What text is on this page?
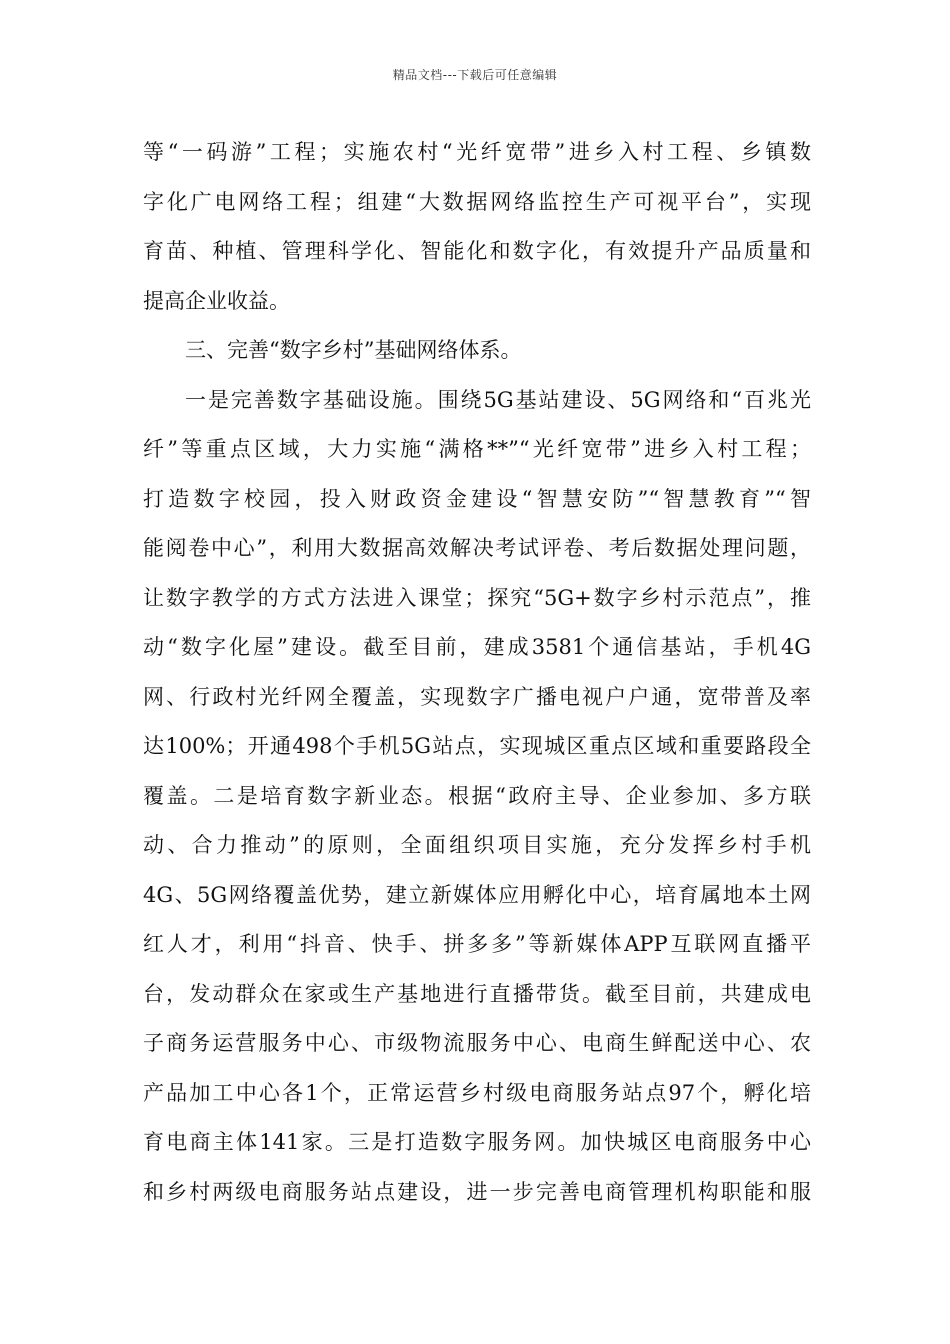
精品文档---下载后可任意编辑
等“一码游”工程；实施农村“光纤宽带”进乡入村工程、乡镇数
字化广电网络工程；组建“大数据网络监控生产可视平台”，实现
育苗、种植、管理科学化、智能化和数字化，有效提升产品质量和
提高企业收益。
三、完善“数字乡村”基础网络体系。
一是完善数字基础设施。围绕5G基站建设、5G网络和“百兆光
纤”等重点区域，大力实施“满格**”“光纤宽带”进乡入村工程；
打造数字校园，投入财政资金建设“智慧安防”“智慧教育”“智
能阅卷中心”，利用大数据高效解决考试评卷、考后数据处理问题，
让数字教学的方式方法进入课堂；探究“5G+数字乡村示范点”，推
动“数字化屋”建设。截至目前，建成3581个通信基站，手机4G
网、行政村光纤网全覆盖，实现数字广播电视户户通，宽带普及率
达100%；开通498个手机5G站点，实现城区重点区域和重要路段全
覆盖。二是培育数字新业态。根据“政府主导、企业参加、多方联
动、合力推动”的原则，全面组织项目实施，充分发挥乡村手机
4G、5G网络覆盖优势，建立新媒体应用孵化中心，培育属地本土网
红人才，利用“抖音、快手、拼多多”等新媒体APP互联网直播平
台，发动群众在家或生产基地进行直播带货。截至目前，共建成电
子商务运营服务中心、市级物流服务中心、电商生鲜配送中心、农
产品加工中心各1个，正常运营乡村级电商服务站点97个，孵化培
育电商主体141家。三是打造数字服务网。加快城区电商服务中心
和乡村两级电商服务站点建设，进一步完善电商管理机构职能和服
